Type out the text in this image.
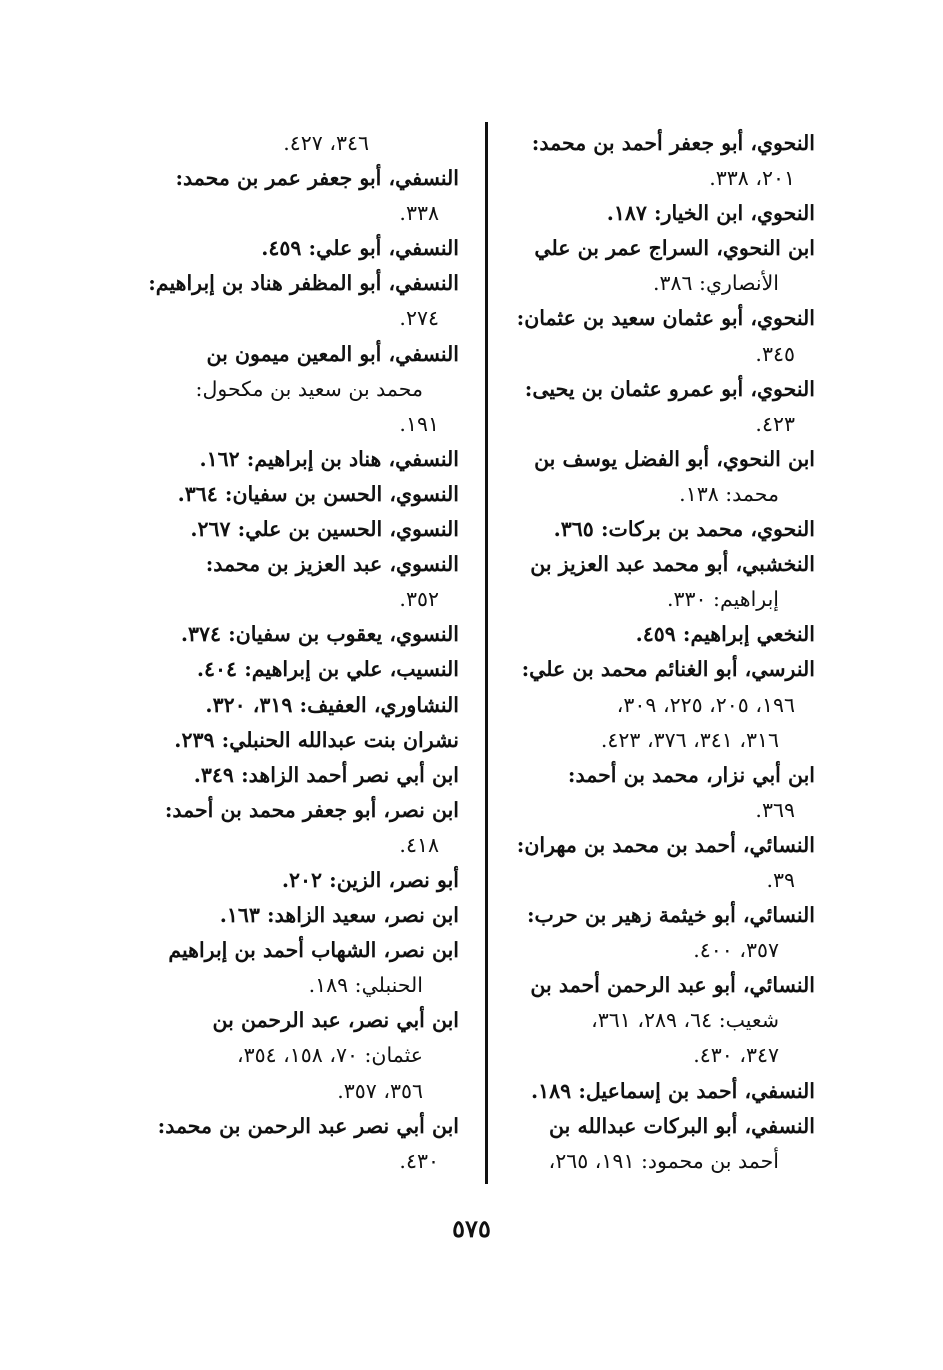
النحوي، أبو جعفر أحمد بن محمد:
٢٠١، ٣٣٨.
النحوي، ابن الخيار: ١٨٧.
ابن النحوي، السراج عمر بن علي
الأنصاري: ٣٨٦.
النحوي، أبو عثمان سعيد بن عثمان:
٣٤٥.
النحوي، أبو عمرو عثمان بن يحيى:
٤٢٣.
ابن النحوي، أبو الفضل يوسف بن
محمد: ١٣٨.
النحوي، محمد بن بركات: ٣٦٥.
النخشبي، أبو محمد عبد العزيز بن
إبراهيم: ٣٣٠.
النخعي إبراهيم: ٤٥٩.
النرسي، أبو الغنائم محمد بن علي:
١٩٦، ٢٠٥، ٢٢٥، ٣٠٩،
٣١٦، ٣٤١، ٣٧٦، ٤٢٣.
ابن أبي نزار، محمد بن أحمد:
٣٦٩.
النسائي، أحمد بن محمد بن مهران:
٣٩.
النسائي، أبو خيثمة زهير بن حرب:
٣٥٧، ٤٠٠.
النسائي، أبو عبد الرحمن أحمد بن
شعيب: ٦٤، ٢٨٩، ٣٦١،
٣٤٧، ٤٣٠.
النسفي، أحمد بن إسماعيل: ١٨٩.
النسفي، أبو البركات عبدالله بن
أحمد بن محمود: ١٩١، ٢٦٥،
٣٤٦، ٤٢٧.
النسفي، أبو جعفر عمر بن محمد:
٣٣٨.
النسفي، أبو علي: ٤٥٩.
النسفي، أبو المظفر هناد بن إبراهيم:
٢٧٤.
النسفي، أبو المعين ميمون بن
محمد بن سعيد بن مكحول:
١٩١.
النسفي، هناد بن إبراهيم: ١٦٢.
النسوي، الحسن بن سفيان: ٣٦٤.
النسوي، الحسين بن علي: ٢٦٧.
النسوي، عبد العزيز بن محمد:
٣٥٢.
النسوي، يعقوب بن سفيان: ٣٧٤.
النسيب، علي بن إبراهيم: ٤٠٤.
النشاوري، العفيف: ٣١٩، ٣٢٠.
نشران بنت عبدالله الحنبلي: ٢٣٩.
ابن أبي نصر أحمد الزاهد: ٣٤٩.
ابن نصر، أبو جعفر محمد بن أحمد:
٤١٨.
أبو نصر، الزين: ٢٠٢.
ابن نصر، سعيد الزاهد: ١٦٣.
ابن نصر، الشهاب أحمد بن إبراهيم
الحنبلي: ١٨٩.
ابن أبي نصر، عبد الرحمن بن
عثمان: ٧٠، ١٥٨، ٣٥٤،
٣٥٦، ٣٥٧.
ابن أبي نصر عبد الرحمن بن محمد:
٤٣٠.
٥٧٥
